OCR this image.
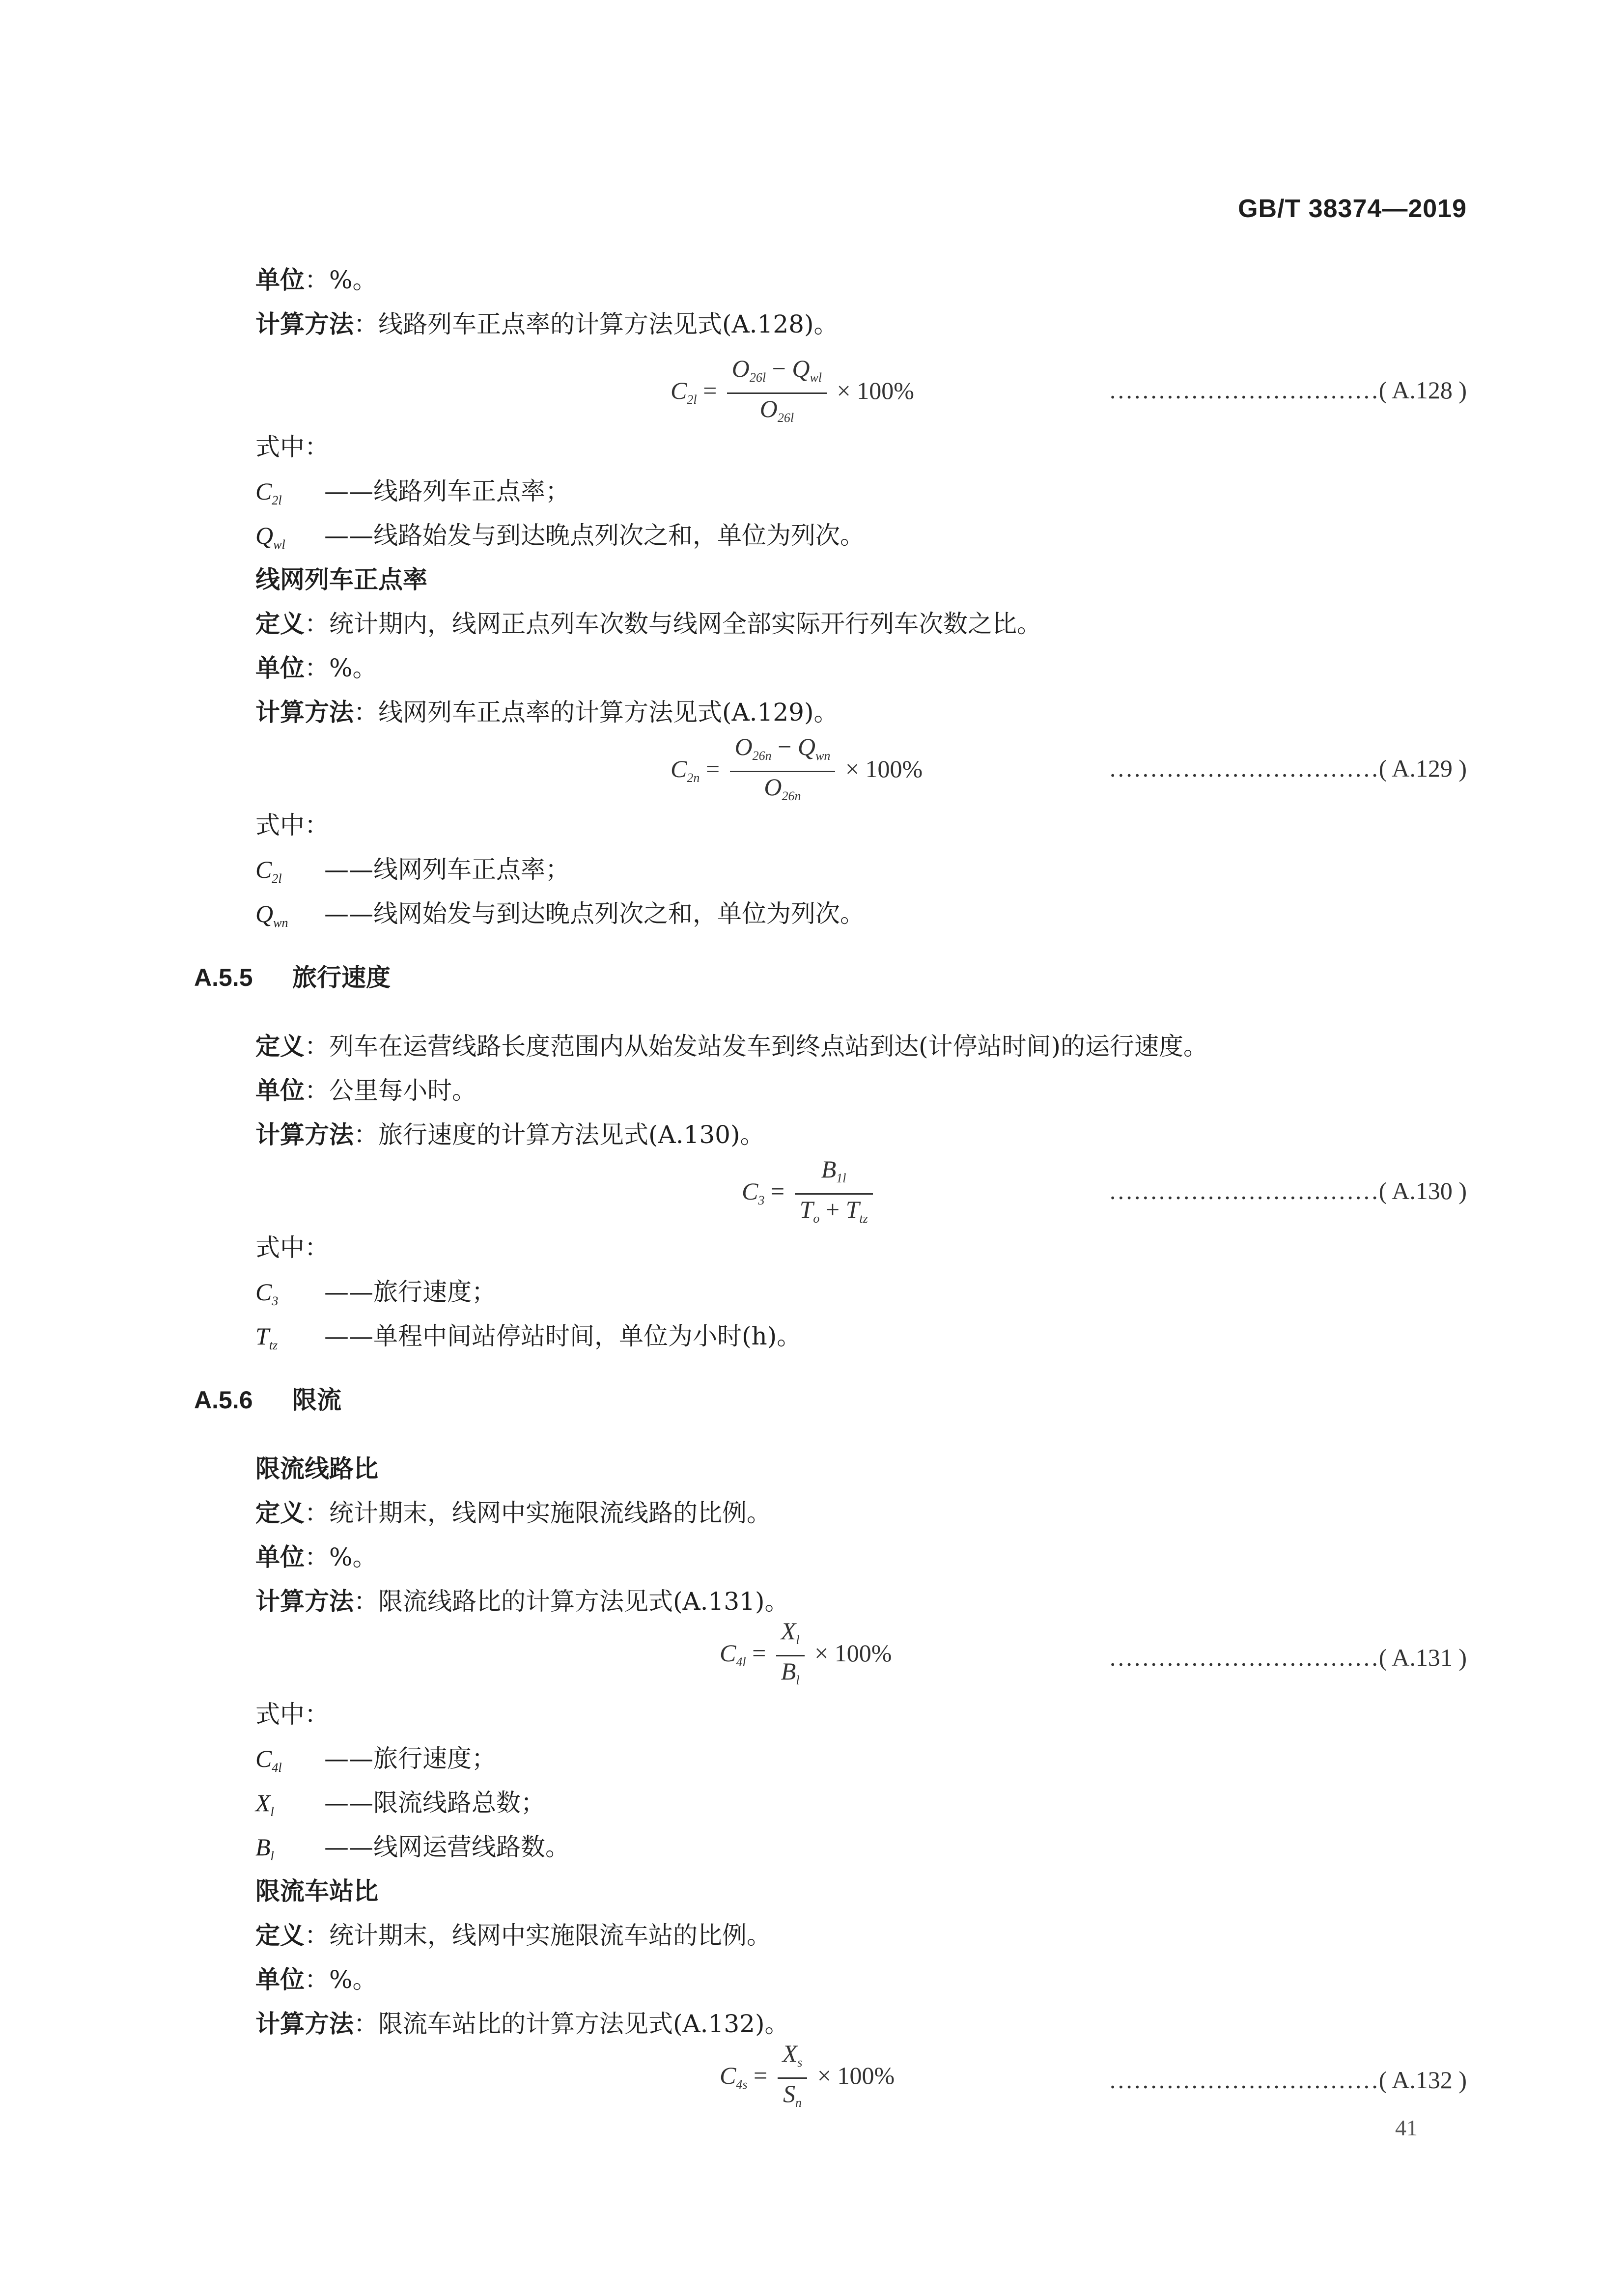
GB/T 38374—2019
单位：%。
计算方法：线路列车正点率的计算方法见式(A.128)。
$C_{2l} = \frac{O_{26l} - Q_{wl}}{O_{26l}} \times 100\%$	……………………………( A.128 )
式中：
$C_{2l}$ ——线路列车正点率；
$Q_{wl}$ ——线路始发与到达晚点列次之和，单位为列次。
线网列车正点率
定义：统计期内，线网正点列车次数与线网全部实际开行列车次数之比。
单位：%。
计算方法：线网列车正点率的计算方法见式(A.129)。
$C_{2n} = \frac{O_{26n} - Q_{wn}}{O_{26n}} \times 100\%$	……………………………( A.129 )
式中：
$C_{2l}$ ——线网列车正点率；
$Q_{wn}$ ——线网始发与到达晚点列次之和，单位为列次。
A.5.5 旅行速度
定义：列车在运营线路长度范围内从始发站发车到终点站到达(计停站时间)的运行速度。
单位：公里每小时。
计算方法：旅行速度的计算方法见式(A.130)。
$C_3 = \frac{B_{1l}}{T_o + T_{tz}}$	……………………………( A.130 )
式中：
$C_3$ ——旅行速度；
$T_{tz}$ ——单程中间站停站时间，单位为小时(h)。
A.5.6 限流
限流线路比
定义：统计期末，线网中实施限流线路的比例。
单位：%。
计算方法：限流线路比的计算方法见式(A.131)。
$C_{4l} = \frac{X_l}{B_l} \times 100\%$	……………………………( A.131 )
式中：
$C_{4l}$ ——旅行速度；
$X_l$ ——限流线路总数；
$B_l$ ——线网运营线路数。
限流车站比
定义：统计期末，线网中实施限流车站的比例。
单位：%。
计算方法：限流车站比的计算方法见式(A.132)。
$C_{4s} = \frac{X_s}{S_n} \times 100\%$	……………………………( A.132 )
41
